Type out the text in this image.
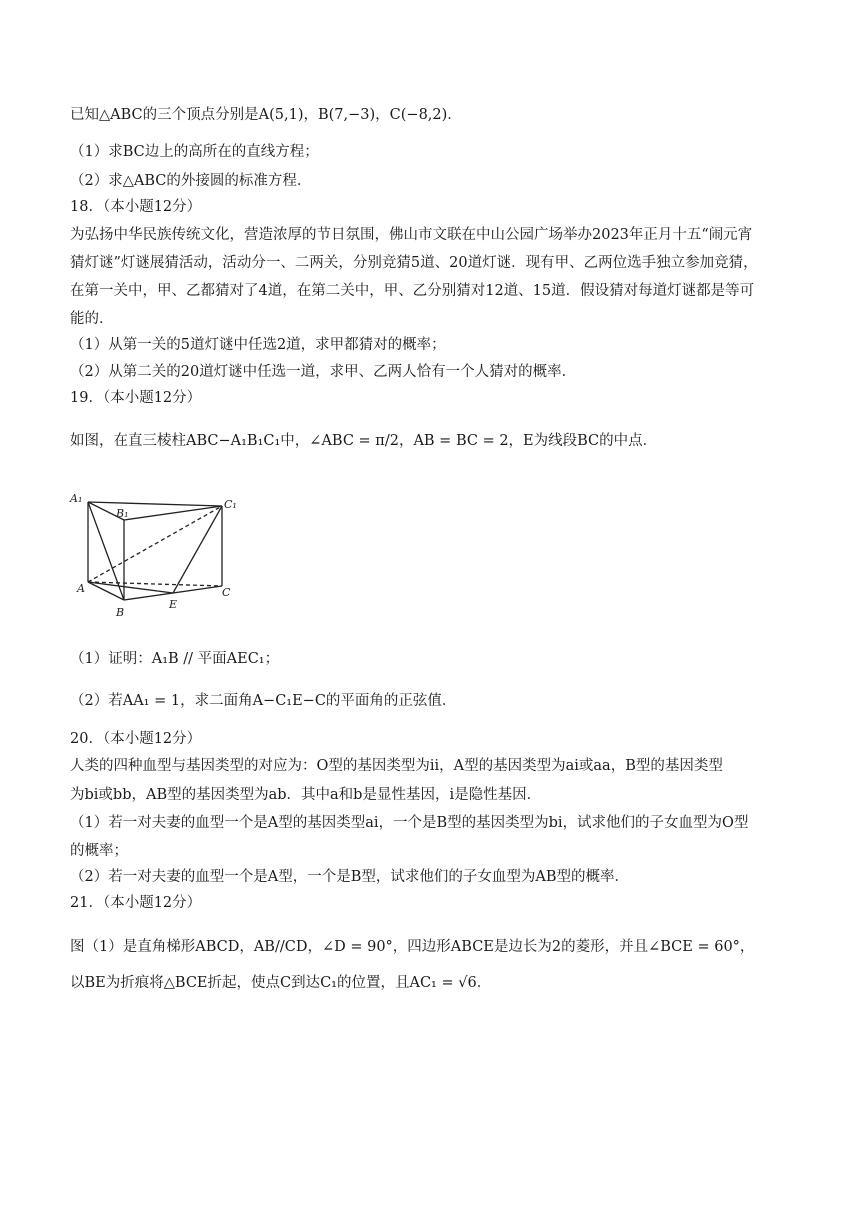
已知△ABC的三个顶点分别是A(5,1)，B(7,−3)，C(−8,2)．
（1）求BC边上的高所在的直线方程；
（2）求△ABC的外接圆的标准方程．
18．（本小题12分）
为弘扬中华民族传统文化，营造浓厚的节日氛围，佛山市文联在中山公园广场举办2023年正月十五“闹元宵
猜灯谜”灯谜展猜活动，活动分一、二两关，分别竞猜5道、20道灯谜．现有甲、乙两位选手独立参加竞猜，
在第一关中，甲、乙都猜对了4道，在第二关中，甲、乙分别猜对12道、15道．假设猜对每道灯谜都是等可
能的．
（1）从第一关的5道灯谜中任选2道，求甲都猜对的概率；
（2）从第二关的20道灯谜中任选一道，求甲、乙两人恰有一个人猜对的概率．
19．（本小题12分）
如图，在直三棱柱ABC−A₁B₁C₁中，∠ABC = π/2，AB = BC = 2，E为线段BC的中点．
A₁
B₁
C₁
A
B
C
E
（1）证明：A₁B // 平面AEC₁；
（2）若AA₁ = 1，求二面角A−C₁E−C的平面角的正弦值．
20．（本小题12分）
人类的四种血型与基因类型的对应为：O型的基因类型为ii，A型的基因类型为ai或aa，B型的基因类型
为bi或bb，AB型的基因类型为ab．其中a和b是显性基因，i是隐性基因．
（1）若一对夫妻的血型一个是A型的基因类型ai，一个是B型的基因类型为bi，试求他们的子女血型为O型
的概率；
（2）若一对夫妻的血型一个是A型，一个是B型，试求他们的子女血型为AB型的概率．
21．（本小题12分）
图（1）是直角梯形ABCD，AB//CD，∠D = 90°，四边形ABCE是边长为2的菱形，并且∠BCE = 60°，
以BE为折痕将△BCE折起，使点C到达C₁的位置，且AC₁ = √6．
